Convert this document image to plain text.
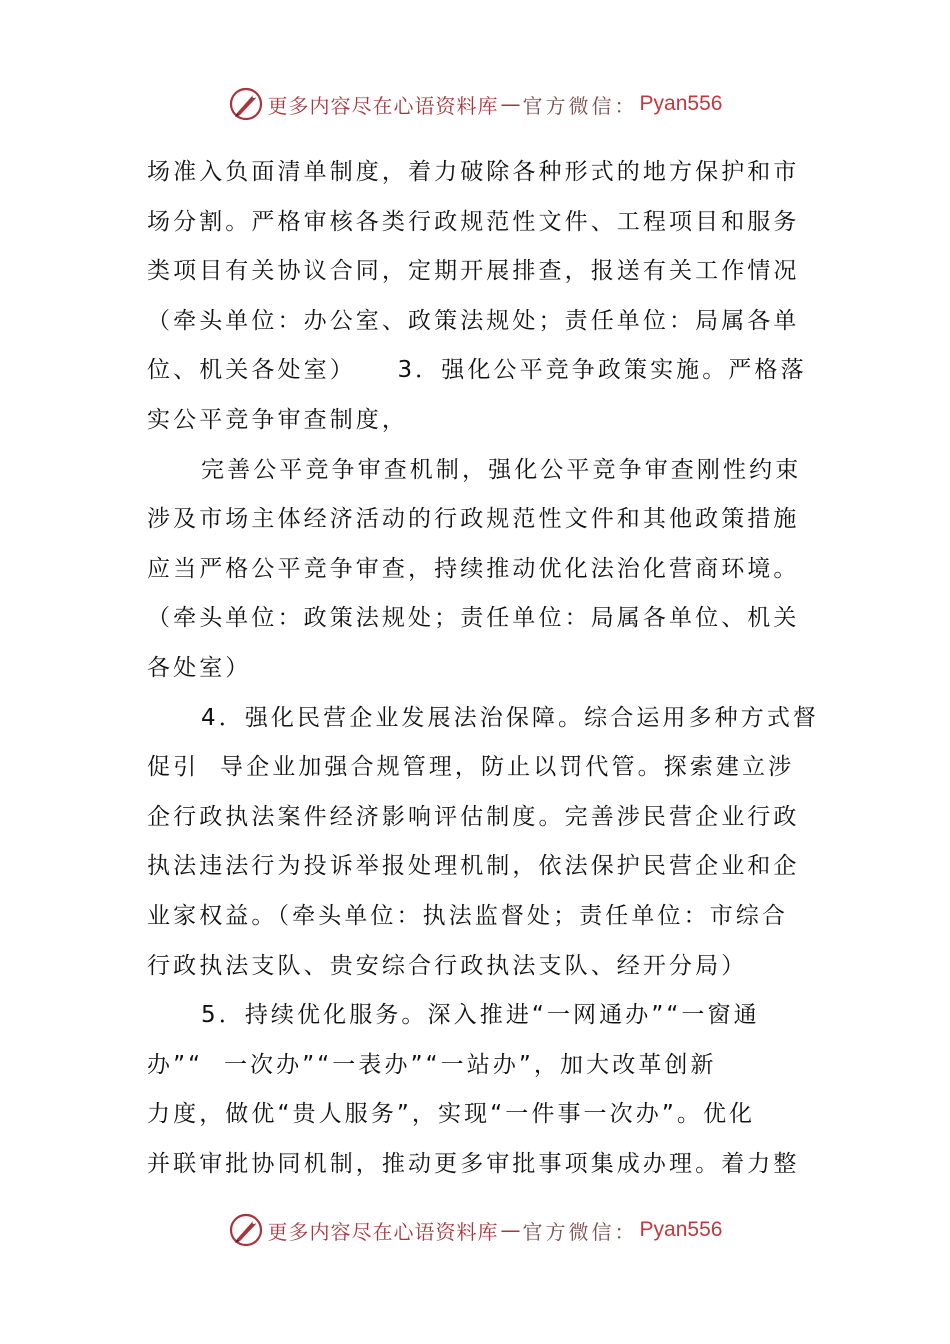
更多内容尽在心语资料库 — 官方微信： Pyan556
场准入负面清单制度，着力破除各种形式的地方保护和市
场分割。严格审核各类行政规范性文件、工程项目和服务
类项目有关协议合同，定期开展排查，报送有关工作情况
（牵头单位：办公室、政策法规处；责任单位：局属各单
位、机关各处室）    3．强化公平竞争政策实施。严格落
实公平竞争审查制度，
完善公平竞争审查机制，强化公平竞争审查刚性约束
涉及市场主体经济活动的行政规范性文件和其他政策措施
应当严格公平竞争审查，持续推动优化法治化营商环境。
（牵头单位：政策法规处；责任单位：局属各单位、机关
各处室）
4．强化民营企业发展法治保障。综合运用多种方式督
促引  导企业加强合规管理，防止以罚代管。探索建立涉
企行政执法案件经济影响评估制度。完善涉民营企业行政
执法违法行为投诉举报处理机制，依法保护民营企业和企
业家权益。（牵头单位：执法监督处；责任单位：市综合
行政执法支队、贵安综合行政执法支队、经开分局）
5．持续优化服务。深入推进“一网通办”“一窗通
办”“  一次办”“一表办”“一站办”，加大改革创新
力度，做优“贵人服务”，实现“一件事一次办”。优化
并联审批协同机制，推动更多审批事项集成办理。着力整
更多内容尽在心语资料库 — 官方微信： Pyan556
